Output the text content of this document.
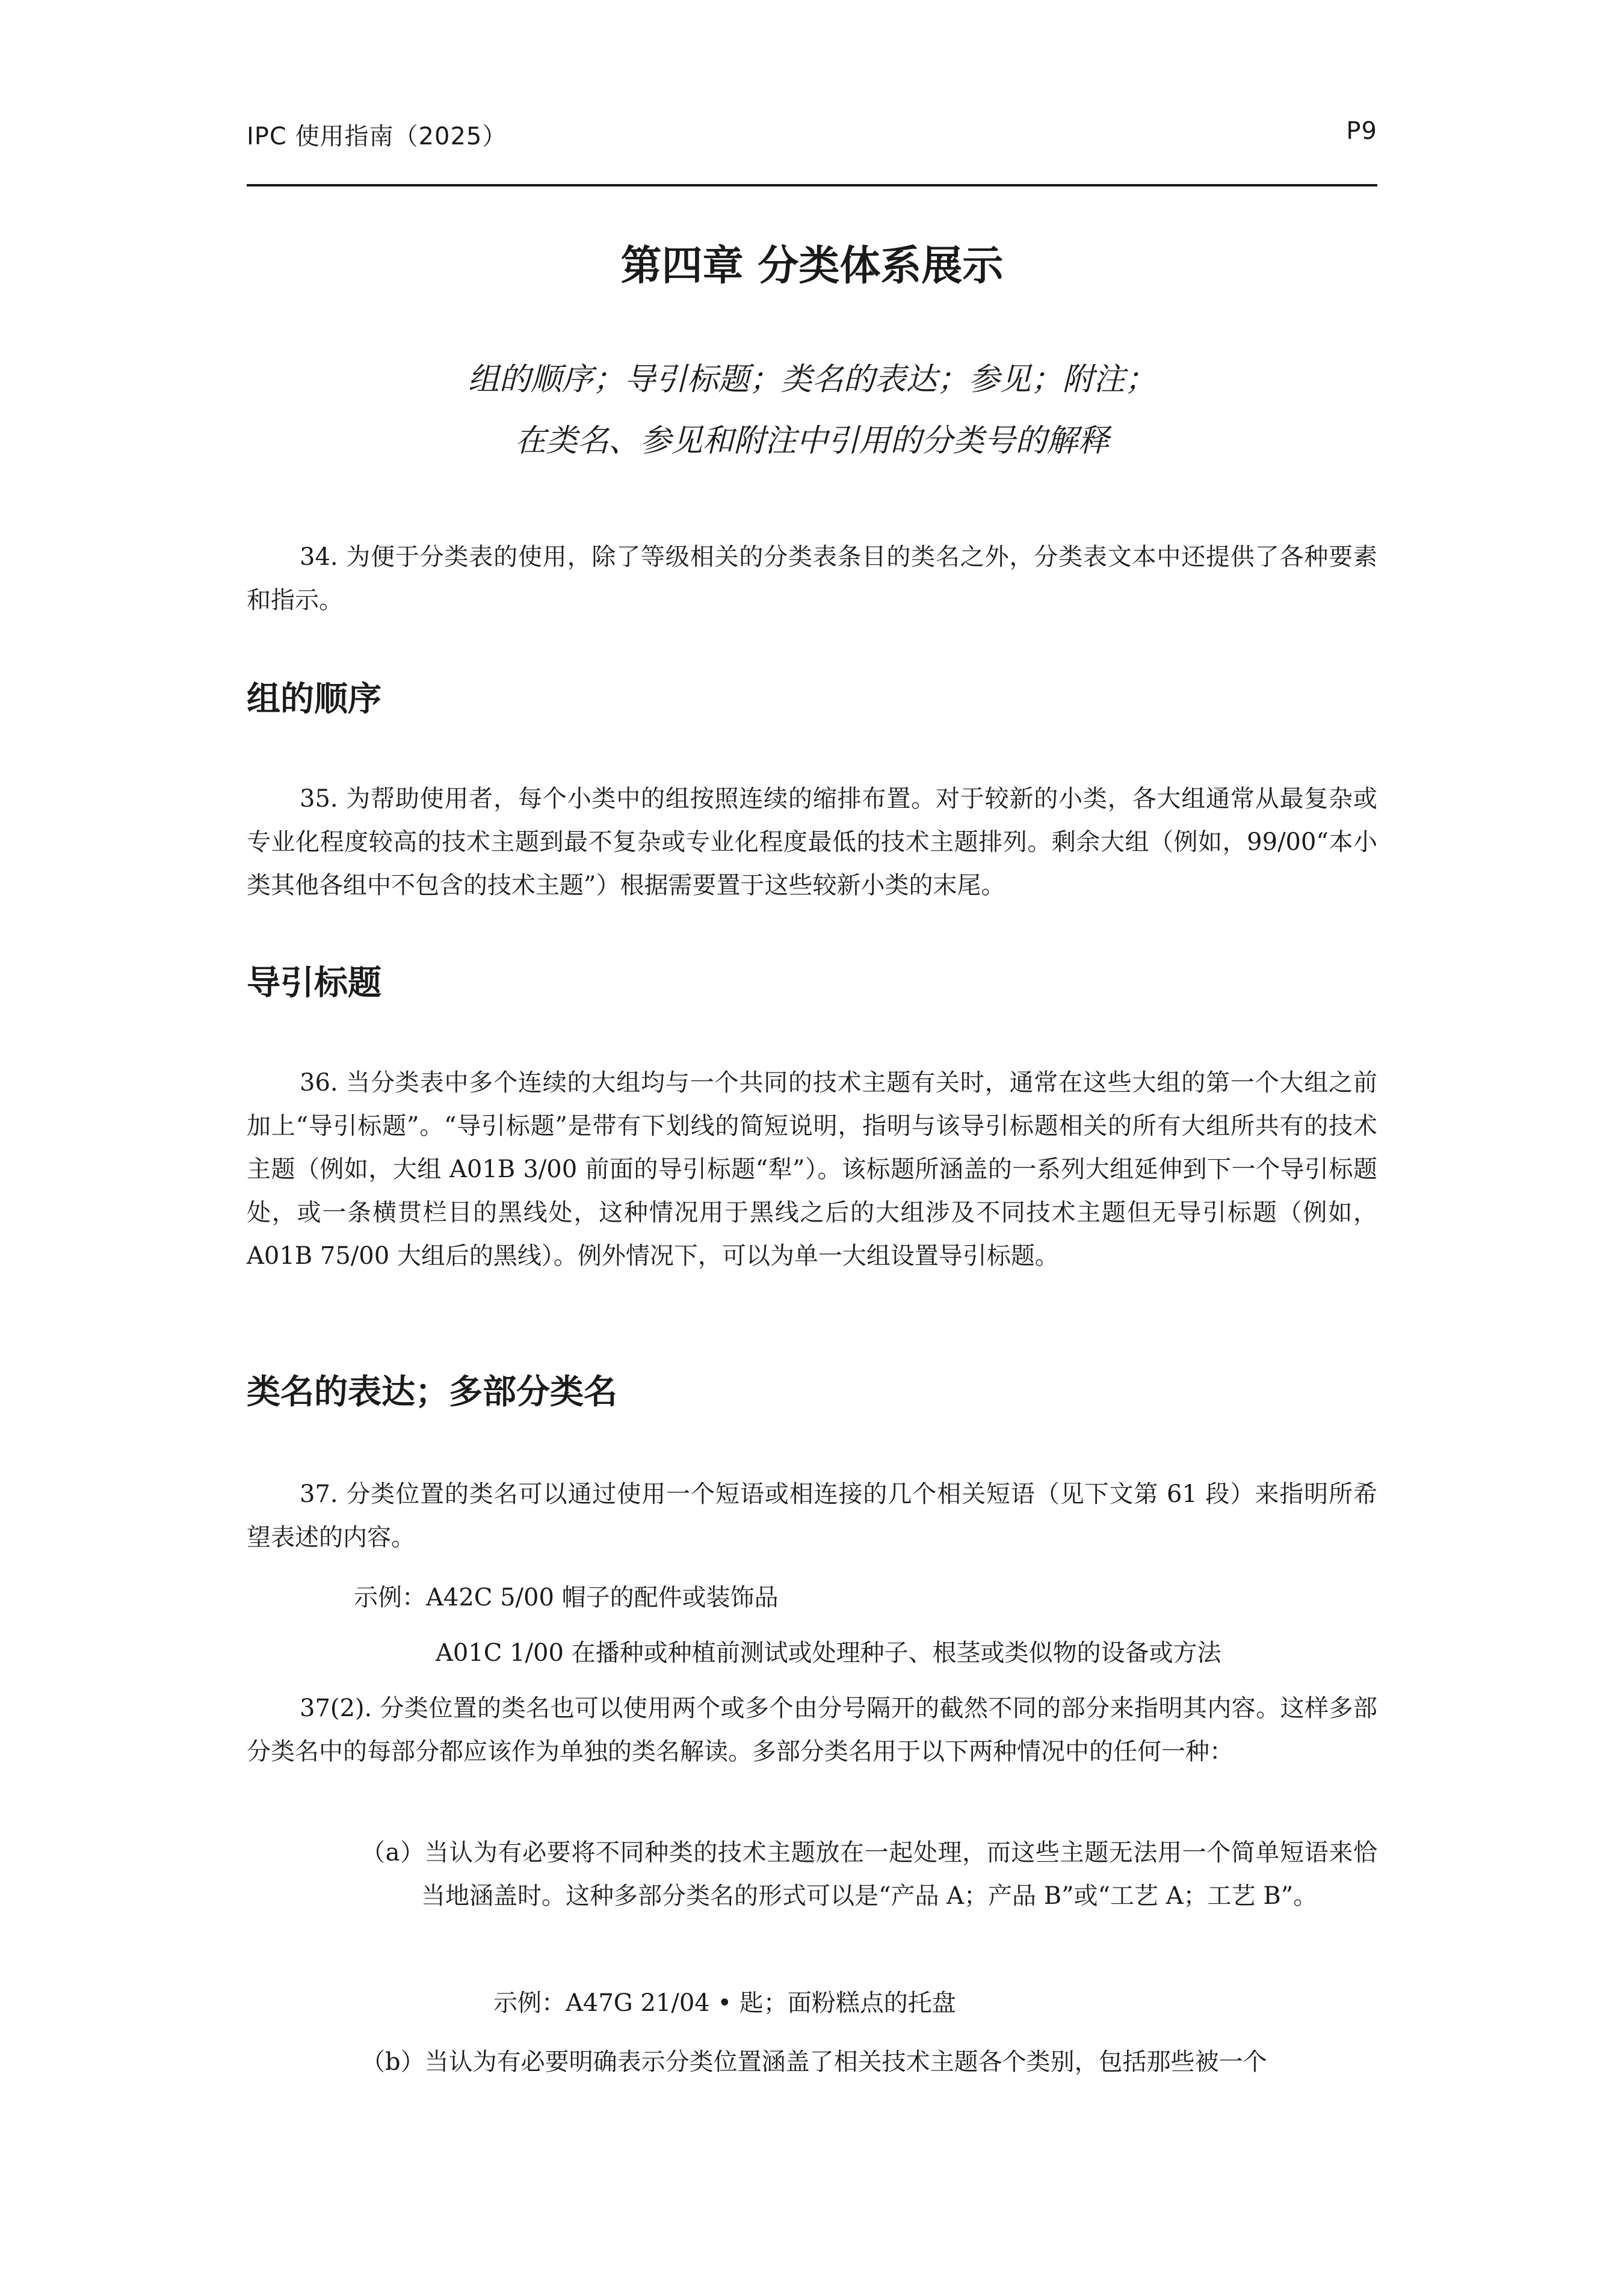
IPC 使用指南（2025）	P9
第四章 分类体系展示
组的顺序；导引标题；类名的表达；参见；附注；
在类名、参见和附注中引用的分类号的解释
34. 为便于分类表的使用，除了等级相关的分类表条目的类名之外，分类表文本中还提供了各种要素和指示。
组的顺序
35. 为帮助使用者，每个小类中的组按照连续的缩排布置。对于较新的小类，各大组通常从最复杂或专业化程度较高的技术主题到最不复杂或专业化程度最低的技术主题排列。剩余大组（例如，99/00“本小类其他各组中不包含的技术主题”）根据需要置于这些较新小类的末尾。
导引标题
36. 当分类表中多个连续的大组均与一个共同的技术主题有关时，通常在这些大组的第一个大组之前加上“导引标题”。“导引标题”是带有下划线的简短说明，指明与该导引标题相关的所有大组所共有的技术主题（例如，大组 A01B 3/00 前面的导引标题“犁”）。该标题所涵盖的一系列大组延伸到下一个导引标题处，或一条横贯栏目的黑线处，这种情况用于黑线之后的大组涉及不同技术主题但无导引标题（例如，A01B 75/00 大组后的黑线）。例外情况下，可以为单一大组设置导引标题。
类名的表达；多部分类名
37. 分类位置的类名可以通过使用一个短语或相连接的几个相关短语（见下文第 61 段）来指明所希望表述的内容。
示例：A42C 5/00 帽子的配件或装饰品
A01C 1/00 在播种或种植前测试或处理种子、根茎或类似物的设备或方法
37(2). 分类位置的类名也可以使用两个或多个由分号隔开的截然不同的部分来指明其内容。这样多部分类名中的每部分都应该作为单独的类名解读。多部分类名用于以下两种情况中的任何一种：
（a）当认为有必要将不同种类的技术主题放在一起处理，而这些主题无法用一个简单短语来恰当地涵盖时。这种多部分类名的形式可以是“产品 A；产品 B”或“工艺 A；工艺 B”。
示例：A47G 21/04 • 匙；面粉糕点的托盘
（b）当认为有必要明确表示分类位置涵盖了相关技术主题各个类别，包括那些被一个
